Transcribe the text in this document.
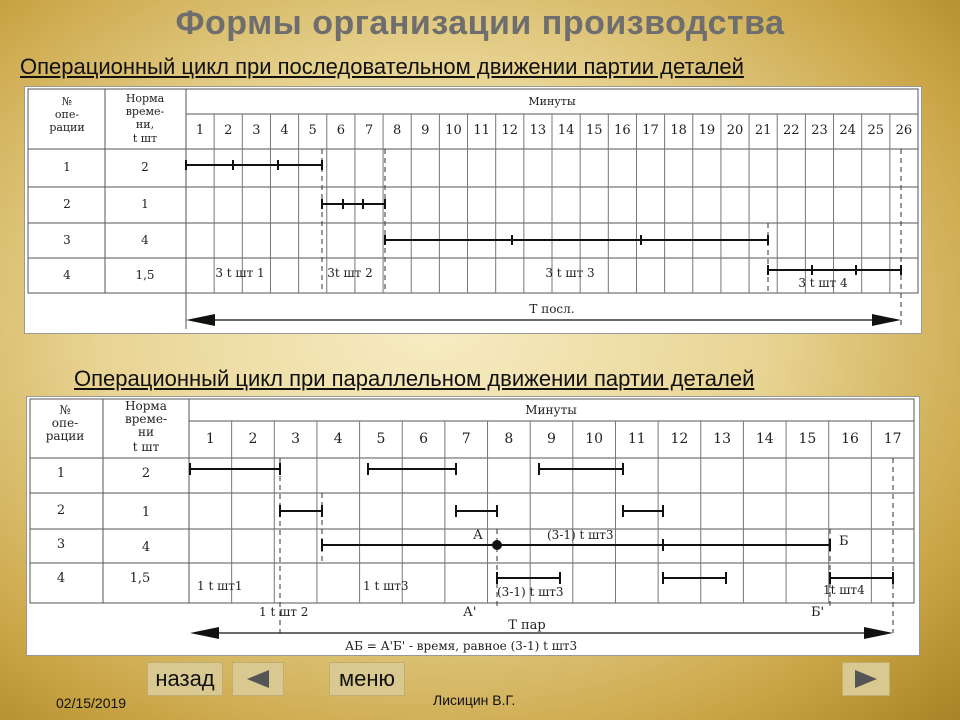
Формы организации производства
Операционный цикл при последовательном движении партии деталей
1 2 3 4 5 6 7 8 9 10 11 12 13 14 15 16 17 18 19 20 21 22 23 24 25 26
№
опе-
рации
Норма
време-
ни,
t шт
Минуты
1	2
2	1
3	4
4	1,5	3 t шт 1	3t шт 2	3 t шт 3
3 t шт 4
T посл.
Операционный цикл при параллельном движении партии деталей
1 2 3 4 5 6 7 8 9 10 11 12 13 14 15 16 17
№
опе-
рации
Норма
време-
ни
t шт
Минуты
1	2
2	1
3	4
4	1,5
А	Б
(3-1) t шт3
1 t шт1	1 t шт3	(3-1) t шт3	1t шт4
1 t шт 2	А'	Б'
Т пар
АБ = А'Б' - время, равное (3-1) t шт3
назад	меню
02/15/2019	Лисицин В.Г.
